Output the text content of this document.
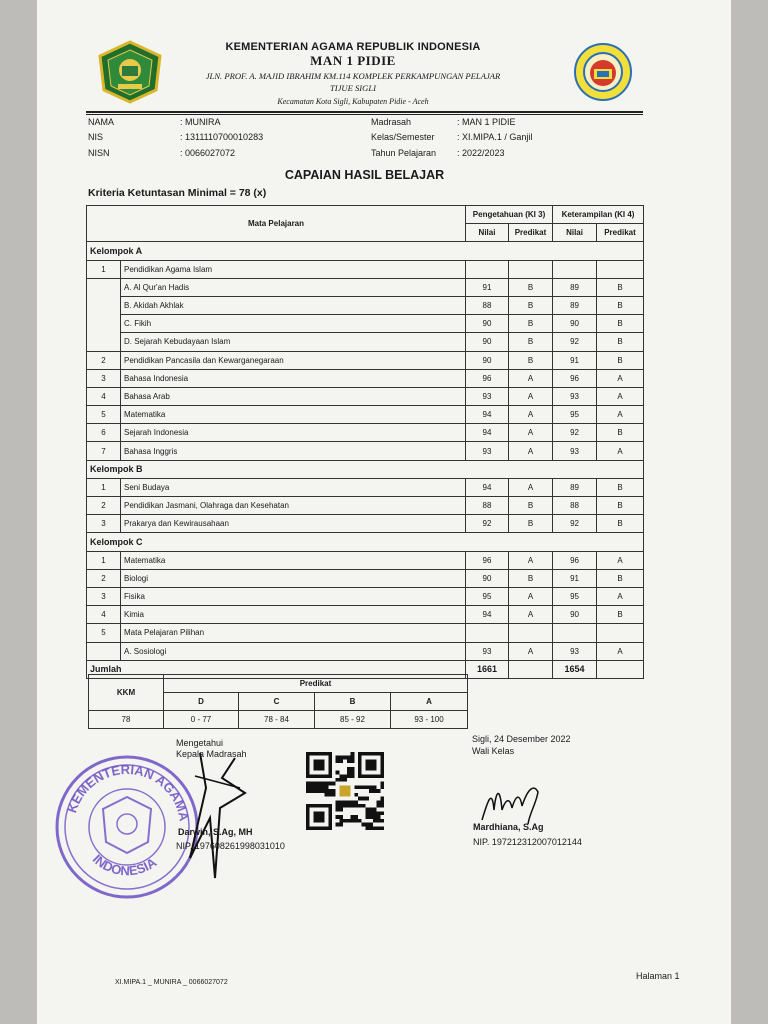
KEMENTERIAN AGAMA REPUBLIK INDONESIA
MAN 1 PIDIE
JLN. PROF. A. MAJID IBRAHIM KM.114 KOMPLEK PERKAMPUNGAN PELAJAR
TIJUE SIGLI
Kecamatan Kota Sigli, Kabupaten Pidie - Aceh
NAMA	: MUNIRA
NIS	: 1311110700010283
NISN	: 0066027072
Madrasah	: MAN 1 PIDIE
Kelas/Semester : XI.MIPA.1 / Ganjil
Tahun Pelajaran : 2022/2023
CAPAIAN HASIL BELAJAR
Kriteria Ketuntasan Minimal = 78 (x)
Mata Pelajaran		Pengetahuan (KI 3)		Keterampilan (KI 4)	
		Nilai	Predikat	Nilai	Predikat
Kelompok A					
1	Pendidikan Agama Islam				
	A. Al Qur'an Hadis	91	B	89	B
	B. Akidah Akhlak	88	B	89	B
	C. Fikih	90	B	90	B
	D. Sejarah Kebudayaan Islam	90	B	92	B
2	Pendidikan Pancasila dan Kewarganegaraan	90	B	91	B
3	Bahasa Indonesia	96	A	96	A
4	Bahasa Arab	93	A	93	A
5	Matematika	94	A	95	A
6	Sejarah Indonesia	94	A	92	B
7	Bahasa Inggris	93	A	93	A
Kelompok B					
1	Seni Budaya	94	A	89	B
2	Pendidikan Jasmani, Olahraga dan Kesehatan	88	B	88	B
3	Prakarya dan Kewirausahaan	92	B	92	B
Kelompok C					
1	Matematika	96	A	96	A
2	Biologi	90	B	91	B
3	Fisika	95	A	95	A
4	Kimia	94	A	90	B
5	Mata Pelajaran Pilihan				
	A. Sosiologi	93	A	93	A
Jumlah		1661		1654	
KKM	Predikat			
	D	C	B	A
78	0 - 77	78 - 84	85 - 92	93 - 100
Mengetahui
Kepala Madrasah
KEMENTERIAN AGAMA
INDONESIA
Darwin, S.Ag, MH
NIP. 197608261998031010
Sigli, 24 Desember 2022
Wali Kelas
Mardhiana, S.Ag
NIP. 197212312007012144
XI.MIPA.1 _ MUNIRA _ 0066027072
Halaman 1
